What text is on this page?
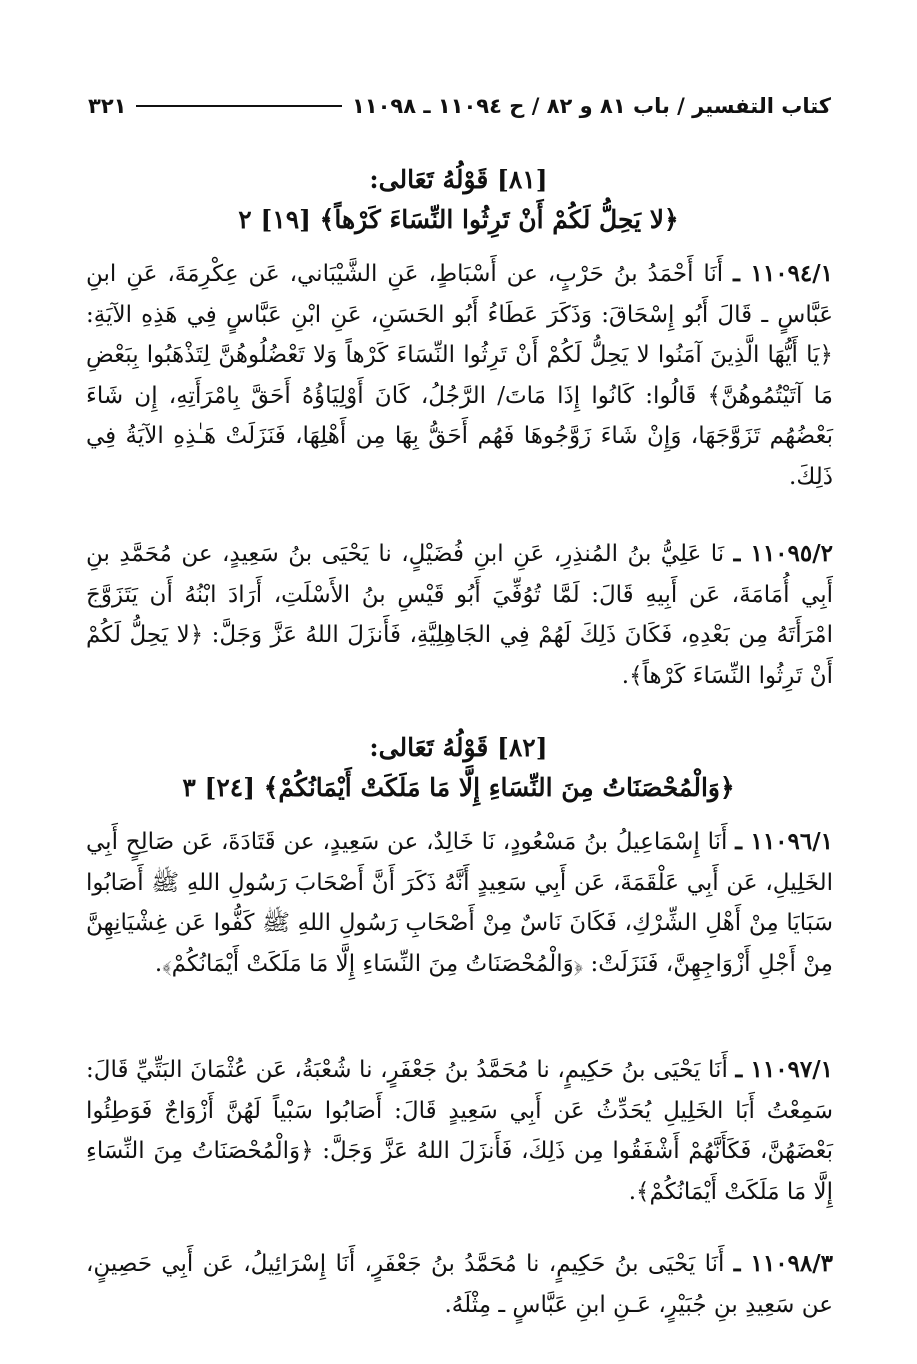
كتاب التفسير / باب ٨١ و ٨٢ / ح ١١٠٩٤ ـ ١١٠٩٨
٣٢١
[٨١] قَوْلُهُ تَعَالى:
﴿لا يَحِلُّ لَكُمْ أَنْ تَرِثُوا النِّسَاءَ كَرْهاً﴾ [١٩] ٢
١١٠٩٤/١ ـ أَنَا أَحْمَدُ بنُ حَرْبٍ، عن أَسْبَاطٍ، عَنِ الشَّيْبَاني، عَن عِكْرِمَةَ، عَنِ ابنِ عَبَّاسٍ ـ قَالَ أَبُو إِسْحَاقَ: وَذَكَرَ عَطَاءُ أَبُو الحَسَنِ، عَنِ ابْنِ عَبَّاسٍ فِي هَذِهِ الآيَةِ: ﴿يَا أَيُّهَا الَّذِينَ آمَنُوا لا يَحِلُّ لَكُمْ أَنْ تَرِثُوا النِّسَاءَ كَرْهاً وَلا تَعْضُلُوهُنَّ لِتَذْهَبُوا بِبَعْضِ مَا آتَيْتُمُوهُنَّ﴾ قَالُوا: كَانُوا إِذَا مَاتَ/ الرَّجُلُ، كَانَ أَوْلِيَاؤُهُ أَحَقَّ بِامْرَأَتِهِ، إِن شَاءَ بَعْضُهُم تَزَوَّجَهَا، وَإِنْ شَاءَ زَوَّجُوهَا فَهُم أَحَقُّ بِهَا مِن أَهْلِهَا، فَنَزَلَتْ هَـٰذِهِ الآيَةُ فِي ذَلِكَ.
١١٠٩٥/٢ ـ نَا عَلِيُّ بنُ المُنذِرِ، عَنِ ابنِ فُضَيْلٍ، نا يَحْيَى بنُ سَعِيدٍ، عن مُحَمَّدِ بنِ أَبِي أُمَامَةَ، عَن أَبِيهِ قَالَ: لَمَّا تُوُفِّيَ أَبُو قَيْسِ بنُ الأَسْلَتِ، أَرَادَ ابْنُهُ أَن يَتَزَوَّجَ امْرَأَتَهُ مِن بَعْدِهِ، فَكَانَ ذَلِكَ لَهُمْ فِي الجَاهِلِيَّةِ، فَأَنزَلَ اللهُ عَزَّ وَجَلَّ: ﴿لا يَحِلُّ لَكُمْ أَنْ تَرِثُوا النِّسَاءَ كَرْهاً﴾.
[٨٢] قَوْلُهُ تَعَالى:
﴿وَالْمُحْصَنَاتُ مِنَ النِّسَاءِ إِلَّا مَا مَلَكَتْ أَيْمَانُكُمْ﴾ [٢٤] ٣
١١٠٩٦/١ ـ أَنَا إِسْمَاعِيلُ بنُ مَسْعُودٍ، نَا خَالِدٌ، عن سَعِيدٍ، عن قَتَادَةَ، عَن صَالِحٍ أَبِي الخَلِيلِ، عَن أَبِي عَلْقَمَةَ، عَن أَبِي سَعِيدٍ أَنَّهُ ذَكَرَ أَنَّ أَصْحَابَ رَسُولِ اللهِ ﷺ أَصَابُوا سَبَايَا مِنْ أَهْلِ الشِّرْكِ، فَكَانَ نَاسٌ مِنْ أَصْحَابِ رَسُولِ اللهِ ﷺ كَفُّوا عَن غِشْيَانِهِنَّ مِنْ أَجْلِ أَزْوَاجِهِنَّ، فَنَزَلَتْ: ﴿وَالْمُحْصَنَاتُ مِنَ النِّسَاءِ إِلَّا مَا مَلَكَتْ أَيْمَانُكُمْ﴾.
١١٠٩٧/١ ـ أَنَا يَحْيَى بنُ حَكِيمٍ، نا مُحَمَّدُ بنُ جَعْفَرٍ، نا شُعْبَةُ، عَن عُثْمَانَ البَتِّيِّ قَالَ: سَمِعْتُ أَبَا الخَلِيلِ يُحَدِّثُ عَن أَبِي سَعِيدٍ قَالَ: أَصَابُوا سَبْياً لَهُنَّ أَزْوَاجٌ فَوَطِئُوا بَعْضَهُنَّ، فَكَأَنَّهُمْ أَشْفَقُوا مِن ذَلِكَ، فَأَنزَلَ اللهُ عَزَّ وَجَلَّ: ﴿وَالْمُحْصَنَاتُ مِنَ النِّسَاءِ إِلَّا مَا مَلَكَتْ أَيْمَانُكُمْ﴾.
١١٠٩٨/٣ ـ أَنَا يَحْيَى بنُ حَكِيمٍ، نا مُحَمَّدُ بنُ جَعْفَرٍ، أَنَا إِسْرَائِيلُ، عَن أَبِي حَصِينٍ، عن سَعِيدِ بنِ جُبَيْرٍ، عَـنِ ابنِ عَبَّاسٍ ـ مِثْلَهُ.
